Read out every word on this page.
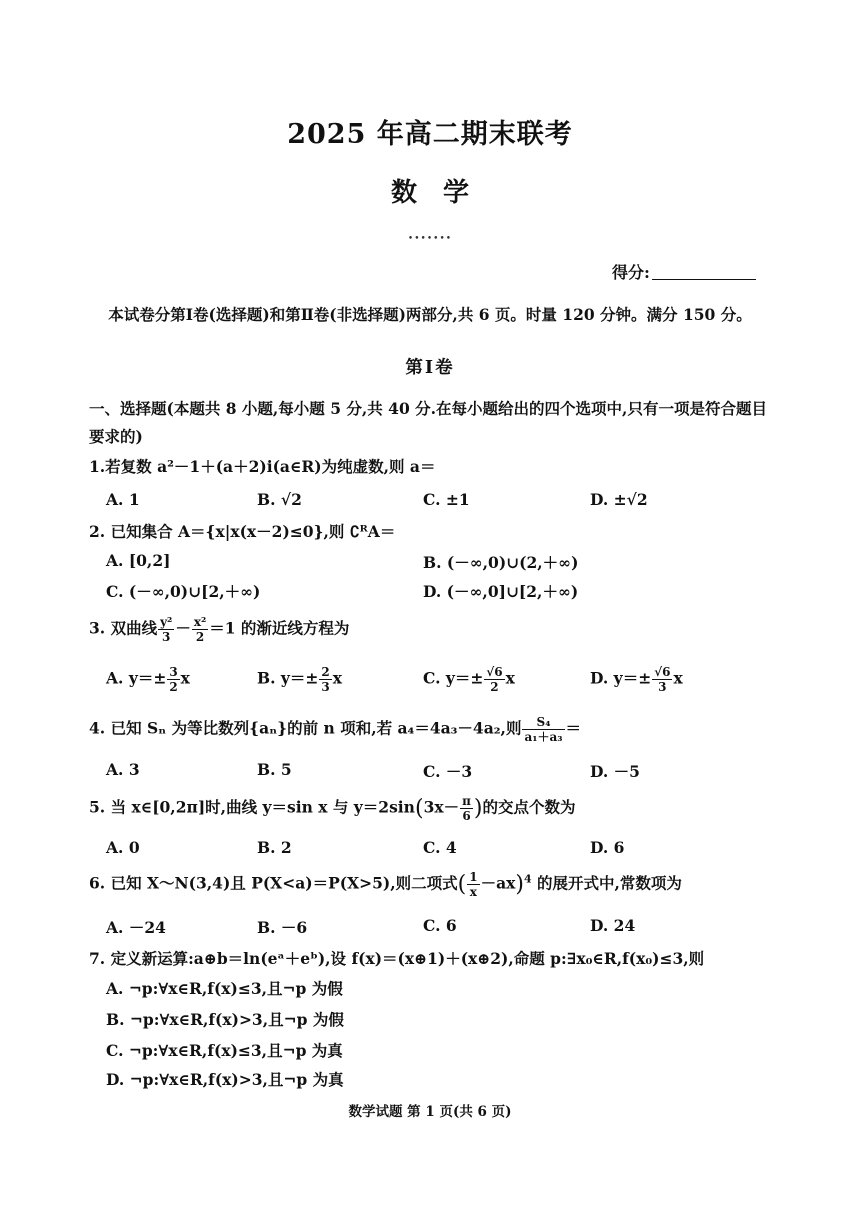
2025 年高二期末联考
数学
•••••••
得分:
本试卷分第Ⅰ卷(选择题)和第Ⅱ卷(非选择题)两部分,共 6 页。时量 120 分钟。满分 150 分。
第Ⅰ卷
一、选择题(本题共 8 小题,每小题 5 分,共 40 分.在每小题给出的四个选项中,只有一项是符合题目
要求的)
1.若复数 a²－1＋(a＋2)i(a∈R)为纯虚数,则 a＝
A. 1	B. √2	C. ±1	D. ±√2
2. 已知集合 A＝{x|x(x－2)≤0},则 ∁ᴿA＝
A. [0,2]	B. (－∞,0)∪(2,＋∞)
C. (－∞,0)∪[2,＋∞)	D. (－∞,0]∪[2,＋∞)
3. 双曲线 $\frac{\text{y²}}{3} - \frac{\text{x²}}{2} =1$ 的渐近线方程为
A. $y=\pm \frac{3}{2}$ x	B. $y=\pm \frac{2}{3}$ x	C. $y=\pm \frac{√6}{2}$ x	D. $y=\pm \frac{√6}{3}$ x
4. 已知 Sₙ 为等比数列{aₙ}的前 n 项和,若 a₄＝4a₃－4a₂,则 $\frac{\text{S₄}}{\text{a₁＋a₃}}$ ＝
A. 3	B. 5	C. －3	D. －5
5. 当 x∈[0,2π]时,曲线 y＝sin x 与 $y=2\sin(3x- \frac{\pi}{6}$ )的交点个数为
A. 0	B. 2	C. 4	D. 6
6. 已知 X～N(3,4)且 P(X<a)＝P(X>5),则二项式( $\frac{1}{x} -ax)^4$ 的展开式中,常数项为
A. －24	B. －6	C. 6	D. 24
7. 定义新运算:a⊕b＝ln(eᵃ＋eᵇ),设 f(x)＝(x⊕1)＋(x⊕2),命题 p:∃x₀∈R,f(x₀)≤3,则
A. ¬p:∀x∈R,f(x)≤3,且¬p 为假
B. ¬p:∀x∈R,f(x)>3,且¬p 为假
C. ¬p:∀x∈R,f(x)≤3,且¬p 为真
D. ¬p:∀x∈R,f(x)>3,且¬p 为真
数学试题 第 1 页(共 6 页)
